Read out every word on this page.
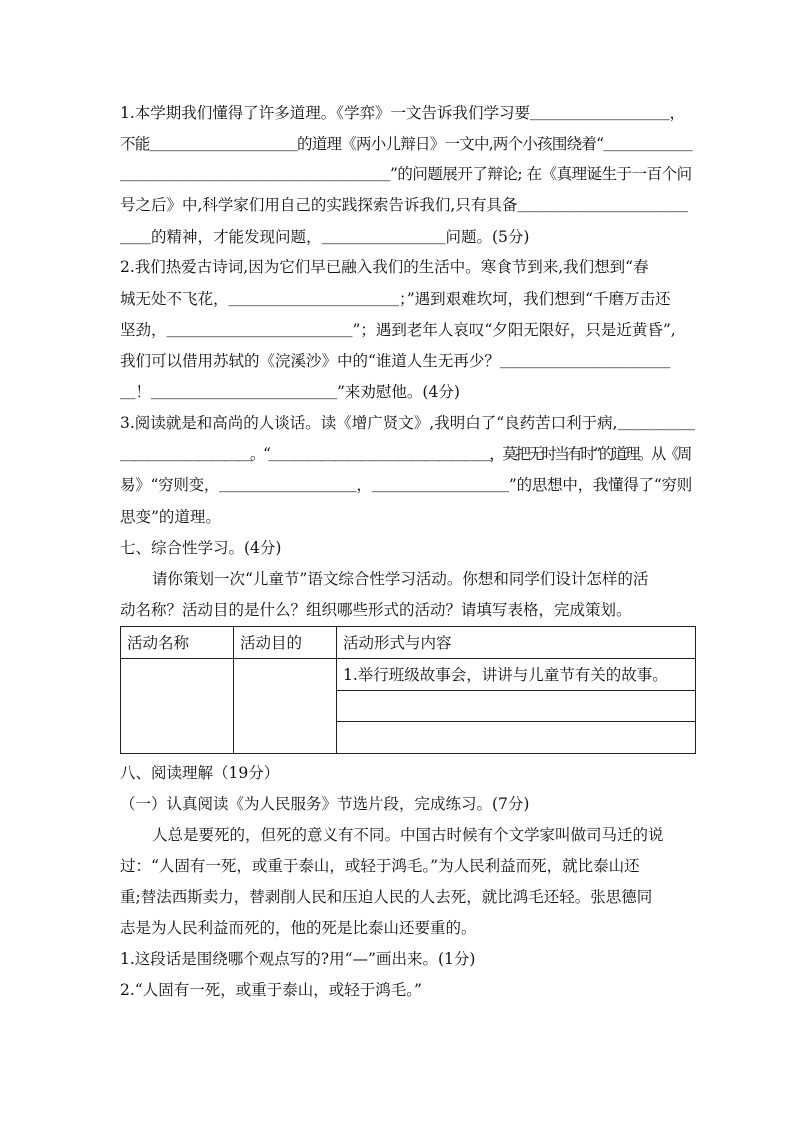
1.本学期我们懂得了许多道理。《学弈》一文告诉我们学习要＿＿＿＿＿＿＿＿＿，
不能＿＿＿＿＿＿＿＿＿＿的道理《两小儿辩日》一文中,两个小孩围绕着“＿＿＿＿＿＿
＿＿＿＿＿＿＿＿＿＿＿＿＿＿＿＿＿＿”的问题展开了辩论; 在《真理诞生于一百个问
号之后》中,科学家们用自己的实践探索告诉我们,只有具备＿＿＿＿＿＿＿＿＿＿＿
＿＿的精神，才能发现问题，＿＿＿＿＿＿＿＿问题。(5分)
2.我们热爱古诗词,因为它们早已融入我们的生活中。寒食节到来,我们想到“春
城无处不飞花，＿＿＿＿＿＿＿＿＿＿＿；”遇到艰难坎坷，我们想到“千磨万击还
坚劲，＿＿＿＿＿＿＿＿＿＿＿＿”；遇到老年人哀叹“夕阳无限好，只是近黄昏”,
我们可以借用苏轼的《浣溪沙》中的“谁道人生无再少？＿＿＿＿＿＿＿＿＿＿＿
＿！＿＿＿＿＿＿＿＿＿＿＿＿”来劝慰他。(4分)
3.阅读就是和高尚的人谈话。读《增广贤文》,我明白了“良药苦口利于病,＿＿＿＿＿
＿＿＿＿＿＿＿＿＿＿。“＿＿＿＿＿＿＿＿＿＿＿＿＿＿＿＿＿，莫把无时当有时”的道理。从《周
易》“穷则变，＿＿＿＿＿＿＿＿＿，＿＿＿＿＿＿＿＿＿”的思想中，我懂得了“穷则
思变”的道理。
七、综合性学习。(4分)
请你策划一次“儿童节”语文综合性学习活动。你想和同学们设计怎样的活
动名称？活动目的是什么？组织哪些形式的活动？请填写表格，完成策划。
活动名称	活动目的	活动形式与内容
		1.举行班级故事会，讲讲与儿童节有关的故事。

八、阅读理解（19分）
（一）认真阅读《为人民服务》节选片段，完成练习。(7分)
人总是要死的，但死的意义有不同。中国古时候有个文学家叫做司马迁的说
过：“人固有一死，或重于泰山，或轻于鸿毛。”为人民利益而死，就比泰山还
重;替法西斯卖力，替剥削人民和压迫人民的人去死，就比鸿毛还轻。张思德同
志是为人民利益而死的，他的死是比泰山还要重的。
1.这段话是围绕哪个观点写的?用“—”画出来。(1分)
2.“人固有一死，或重于泰山，或轻于鸿毛。”
